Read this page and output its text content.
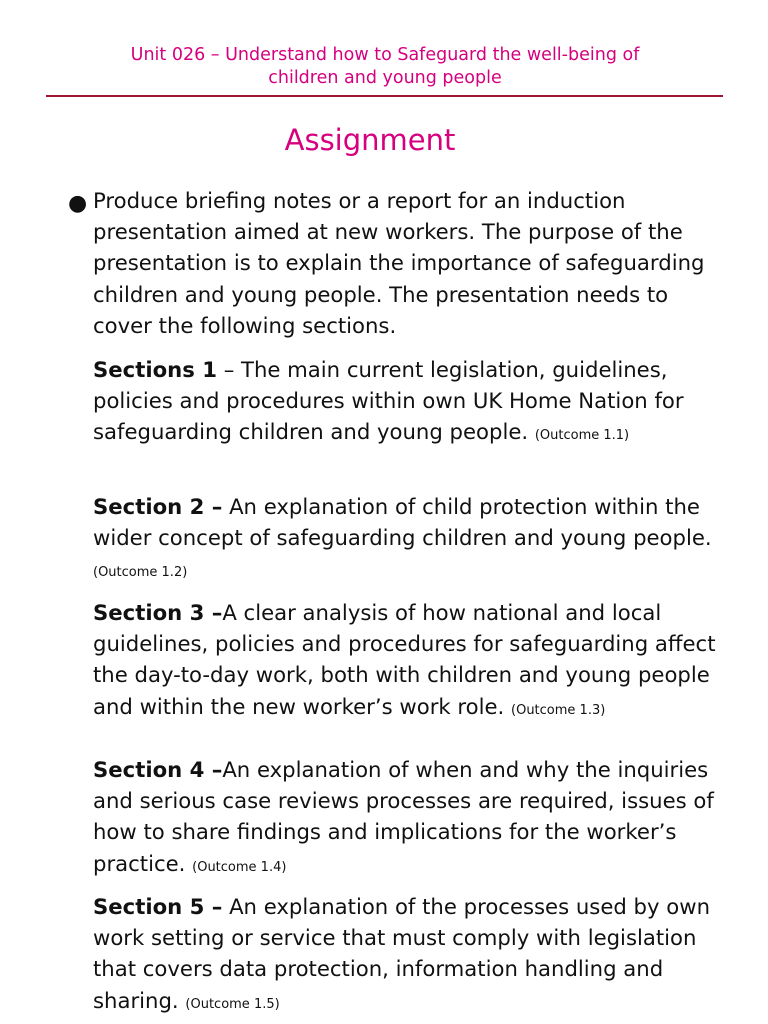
Unit 026 – Understand how to Safeguard the well-being of
children and young people
Assignment
● Produce briefing notes or a report for an induction presentation aimed at new workers. The purpose of the presentation is to explain the importance of safeguarding children and young people. The presentation needs to cover the following sections.
Sections 1 – The main current legislation, guidelines, policies and procedures within own UK Home Nation for safeguarding children and young people. (Outcome 1.1)
Section 2 – An explanation of child protection within the wider concept of safeguarding children and young people. (Outcome 1.2)
Section 3 –A clear analysis of how national and local guidelines, policies and procedures for safeguarding affect the day-to-day work, both with children and young people and within the new worker’s work role. (Outcome 1.3)
Section 4 –An explanation of when and why the inquiries and serious case reviews processes are required, issues of how to share findings and implications for the worker’s practice. (Outcome 1.4)
Section 5 – An explanation of the processes used by own work setting or service that must comply with legislation that covers data protection, information handling and sharing. (Outcome 1.5)
